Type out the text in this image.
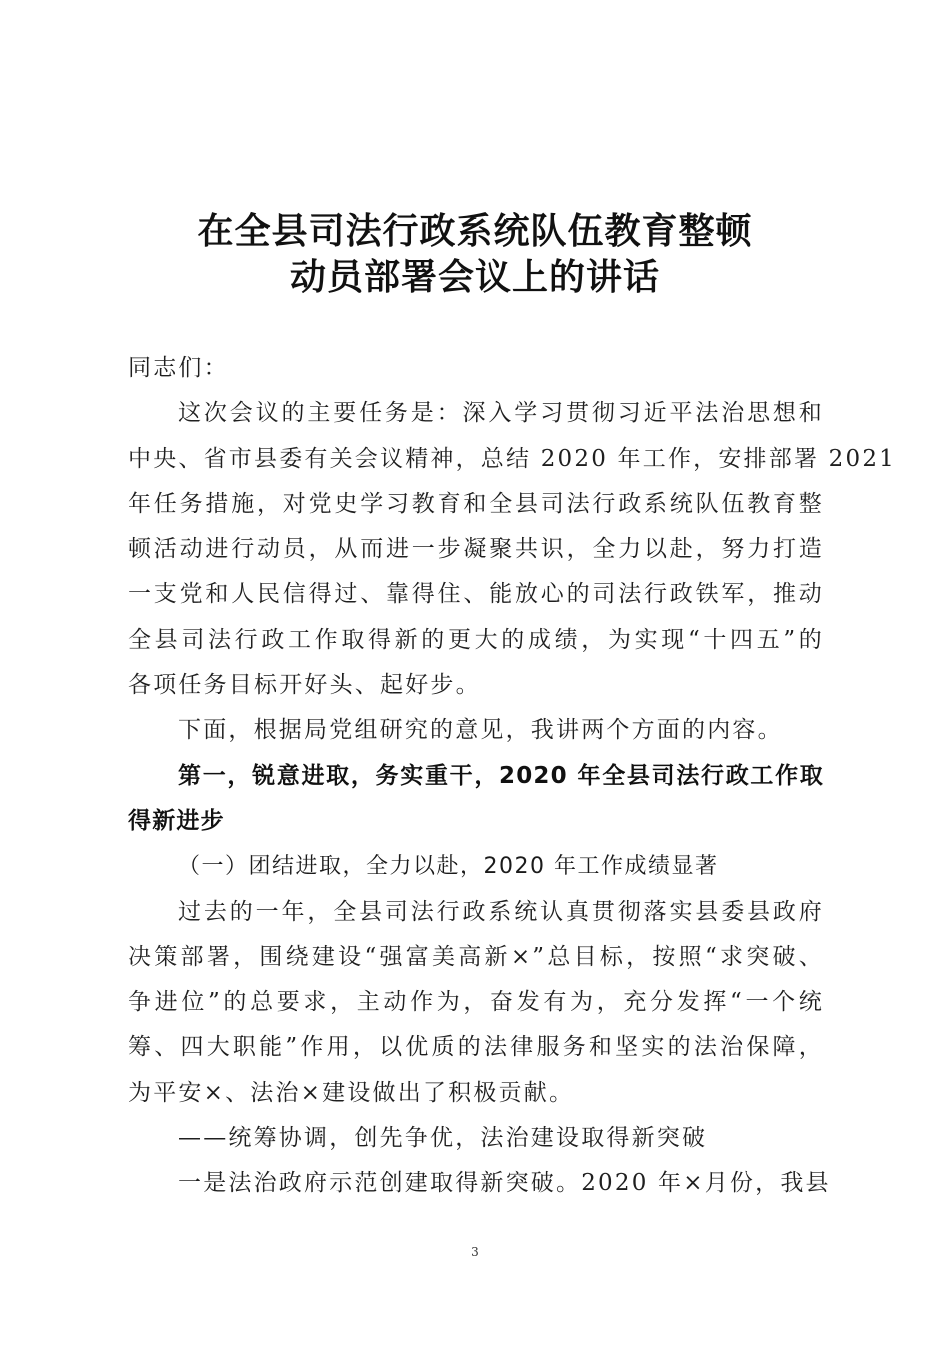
在全县司法行政系统队伍教育整顿
动员部署会议上的讲话
同志们：
这次会议的主要任务是：深入学习贯彻习近平法治思想和
中央、省市县委有关会议精神，总结 2020 年工作，安排部署 2021
年任务措施，对党史学习教育和全县司法行政系统队伍教育整
顿活动进行动员，从而进一步凝聚共识，全力以赴，努力打造
一支党和人民信得过、靠得住、能放心的司法行政铁军，推动
全县司法行政工作取得新的更大的成绩，为实现“十四五”的
各项任务目标开好头、起好步。
下面，根据局党组研究的意见，我讲两个方面的内容。
第一，锐意进取，务实重干，2020 年全县司法行政工作取
得新进步
（一）团结进取，全力以赴，2020 年工作成绩显著
过去的一年，全县司法行政系统认真贯彻落实县委县政府
决策部署，围绕建设“强富美高新×”总目标，按照“求突破、
争进位”的总要求，主动作为，奋发有为，充分发挥“一个统
筹、四大职能”作用，以优质的法律服务和坚实的法治保障，
为平安×、法治×建设做出了积极贡献。
——统筹协调，创先争优，法治建设取得新突破
一是法治政府示范创建取得新突破。2020 年×月份，我县
3
